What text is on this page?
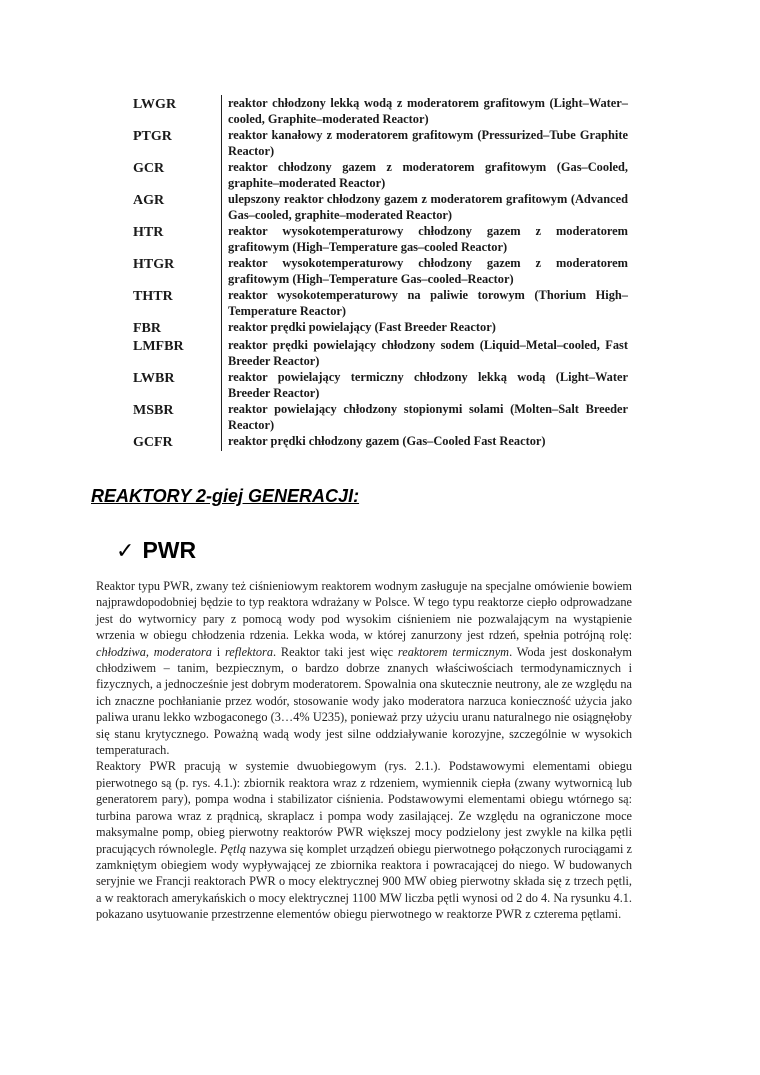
LWGR	reaktor chłodzony lekką wodą z moderatorem grafitowym (Light–Water–cooled, Graphite–moderated Reactor)
PTGR	reaktor kanałowy z moderatorem grafitowym (Pressurized–Tube Graphite Reactor)
GCR	reaktor chłodzony gazem z moderatorem grafitowym (Gas–Cooled, graphite–moderated Reactor)
AGR	ulepszony reaktor chłodzony gazem z moderatorem grafitowym (Advanced Gas–cooled, graphite–moderated Reactor)
HTR	reaktor wysokotemperaturowy chłodzony gazem z moderatorem grafitowym (High–Temperature gas–cooled Reactor)
HTGR	reaktor wysokotemperaturowy chłodzony gazem z moderatorem grafitowym (High–Temperature Gas–cooled–Reactor)
THTR	reaktor wysokotemperaturowy na paliwie torowym (Thorium High–Temperature Reactor)
FBR	reaktor prędki powielający (Fast Breeder Reactor)
LMFBR	reaktor prędki powielający chłodzony sodem (Liquid–Metal–cooled, Fast Breeder Reactor)
LWBR	reaktor powielający termiczny chłodzony lekką wodą (Light–Water Breeder Reactor)
MSBR	reaktor powielający chłodzony stopionymi solami (Molten–Salt Breeder Reactor)
GCFR	reaktor prędki chłodzony gazem (Gas–Cooled Fast Reactor)
REAKTORY 2-giej GENERACJI:
✓ PWR

Reaktor typu PWR, zwany też ciśnieniowym reaktorem wodnym zasługuje na specjalne omówienie bowiem najprawdopodobniej będzie to typ reaktora wdrażany w Polsce. W tego typu reaktorze ciepło odprowadzane jest do wytwornicy pary z pomocą wody pod wysokim ciśnieniem nie pozwalającym na wystąpienie wrzenia w obiegu chłodzenia rdzenia. Lekka woda, w której zanurzony jest rdzeń, spełnia potrójną rolę: chłodziwa, moderatora i reflektora. Reaktor taki jest więc reaktorem termicznym. Woda jest doskonałym chłodziwem – tanim, bezpiecznym, o bardzo dobrze znanych właściwościach termodynamicznych i fizycznych, a jednocześnie jest dobrym moderatorem. Spowalnia ona skutecznie neutrony, ale ze względu na ich znaczne pochłanianie przez wodór, stosowanie wody jako moderatora narzuca konieczność użycia jako paliwa uranu lekko wzbogaconego (3…4% U235), ponieważ przy użyciu uranu naturalnego nie osiągnęłoby się stanu krytycznego. Poważną wadą wody jest silne oddziaływanie korozyjne, szczególnie w wysokich temperaturach.

Reaktory PWR pracują w systemie dwuobiegowym (rys. 2.1.). Podstawowymi elementami obiegu pierwotnego są (p. rys. 4.1.): zbiornik reaktora wraz z rdzeniem, wymiennik ciepła (zwany wytwornicą lub generatorem pary), pompa wodna i stabilizator ciśnienia. Podstawowymi elementami obiegu wtórnego są: turbina parowa wraz z prądnicą, skraplacz i pompa wody zasilającej. Ze względu na ograniczone moce maksymalne pomp, obieg pierwotny reaktorów PWR większej mocy podzielony jest zwykle na kilka pętli pracujących równolegle. Pętlą nazywa się komplet urządzeń obiegu pierwotnego połączonych rurociągami z zamkniętym obiegiem wody wypływającej ze zbiornika reaktora i powracającej do niego. W budowanych seryjnie we Francji reaktorach PWR o mocy elektrycznej 900 MW obieg pierwotny składa się z trzech pętli, a w reaktorach amerykańskich o mocy elektrycznej 1100 MW liczba pętli wynosi od 2 do 4. Na rysunku 4.1. pokazano usytuowanie przestrzenne elementów obiegu pierwotnego w reaktorze PWR z czterema pętlami.
